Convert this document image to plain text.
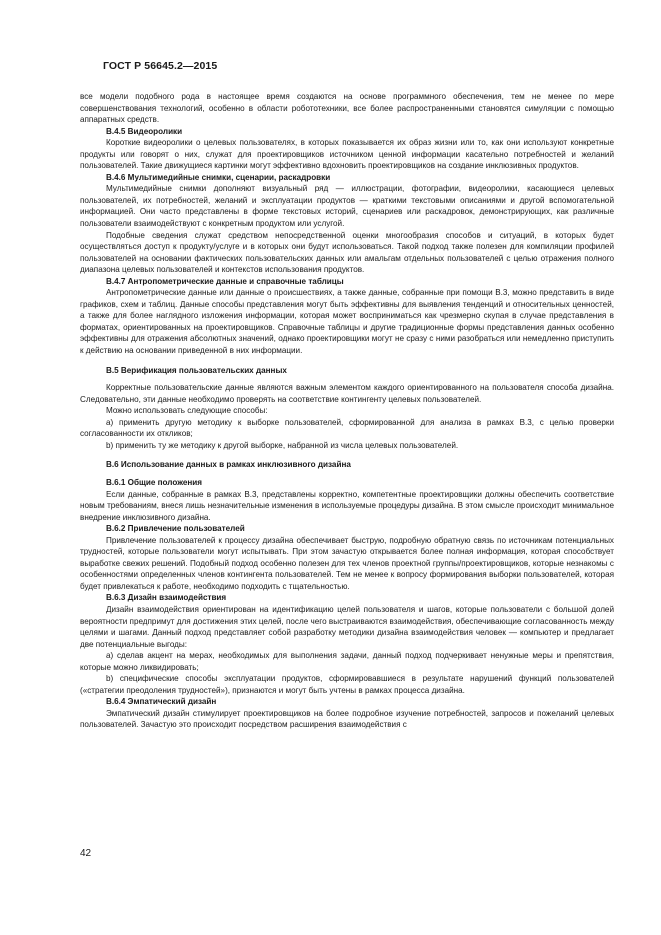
ГОСТ Р 56645.2—2015

все модели подобного рода в настоящее время создаются на основе программного обеспечения, тем не менее по мере совершенствования технологий, особенно в области робототехники, все более распространенными становятся симуляции с помощью аппаратных средств.

В.4.5 Видеоролики

Короткие видеоролики о целевых пользователях, в которых показывается их образ жизни или то, как они используют конкретные продукты или говорят о них, служат для проектировщиков источником ценной информации касательно потребностей и желаний пользователей. Такие движущиеся картинки могут эффективно вдохновить проектировщиков на создание инклюзивных продуктов.

В.4.6 Мультимедийные снимки, сценарии, раскадровки

Мультимедийные снимки дополняют визуальный ряд — иллюстрации, фотографии, видеоролики, касающиеся целевых пользователей, их потребностей, желаний и эксплуатации продуктов — краткими текстовыми описаниями и другой вспомогательной информацией. Они часто представлены в форме текстовых историй, сценариев или раскадровок, демонстрирующих, как различные пользователи взаимодействуют с конкретным продуктом или услугой.

Подобные сведения служат средством непосредственной оценки многообразия способов и ситуаций, в которых будет осуществляться доступ к продукту/услуге и в которых они будут использоваться. Такой подход также полезен для компиляции профилей пользователей на основании фактических пользовательских данных или амальгам отдельных пользователей с целью отражения полного диапазона целевых пользователей и контекстов использования продуктов.

В.4.7 Антропометрические данные и справочные таблицы

Антропометрические данные или данные о происшествиях, а также данные, собранные при помощи В.3, можно представить в виде графиков, схем и таблиц. Данные способы представления могут быть эффективны для выявления тенденций и относительных ценностей, а также для более наглядного изложения информации, которая может восприниматься как чрезмерно скупая в случае представления в форматах, ориентированных на проектировщиков. Справочные таблицы и другие традиционные формы представления данных особенно эффективны для отражения абсолютных значений, однако проектировщики могут не сразу с ними разобраться или немедленно приступить к действию на основании приведенной в них информации.

В.5 Верификация пользовательских данных

Корректные пользовательские данные являются важным элементом каждого ориентированного на пользователя способа дизайна. Следовательно, эти данные необходимо проверять на соответствие контингенту целевых пользователей.

Можно использовать следующие способы:

a) применить другую методику к выборке пользователей, сформированной для анализа в рамках В.3, с целью проверки согласованности их откликов;

b) применить ту же методику к другой выборке, набранной из числа целевых пользователей.

В.6 Использование данных в рамках инклюзивного дизайна

В.6.1 Общие положения

Если данные, собранные в рамках В.3, представлены корректно, компетентные проектировщики должны обеспечить соответствие новым требованиям, внеся лишь незначительные изменения в используемые процедуры дизайна. В этом смысле происходит минимальное внедрение инклюзивного дизайна.

В.6.2 Привлечение пользователей

Привлечение пользователей к процессу дизайна обеспечивает быструю, подробную обратную связь по источникам потенциальных трудностей, которые пользователи могут испытывать. При этом зачастую открывается более полная информация, которая способствует выработке свежих решений. Подобный подход особенно полезен для тех членов проектной группы/проектировщиков, которые незнакомы с особенностями определенных членов контингента пользователей. Тем не менее к вопросу формирования выборки пользователей, которая будет привлекаться к работе, необходимо подходить с тщательностью.

В.6.3 Дизайн взаимодействия

Дизайн взаимодействия ориентирован на идентификацию целей пользователя и шагов, которые пользователи с большой долей вероятности предпримут для достижения этих целей, после чего выстраиваются взаимодействия, обеспечивающие согласованность между целями и шагами. Данный подход представляет собой разработку методики дизайна взаимодействия человек — компьютер и предлагает две потенциальные выгоды:

a) сделав акцент на мерах, необходимых для выполнения задачи, данный подход подчеркивает ненужные меры и препятствия, которые можно ликвидировать;

b) специфические способы эксплуатации продуктов, сформировавшиеся в результате нарушений функций пользователей («стратегии преодоления трудностей»), признаются и могут быть учтены в рамках процесса дизайна.

В.6.4 Эмпатический дизайн

Эмпатический дизайн стимулирует проектировщиков на более подробное изучение потребностей, запросов и пожеланий целевых пользователей. Зачастую это происходит посредством расширения взаимодействия с

42
